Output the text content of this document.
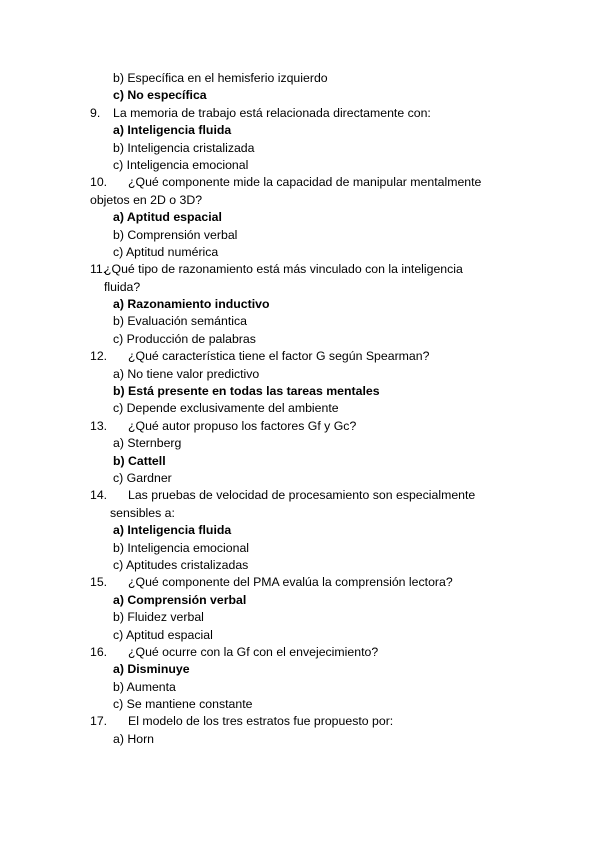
b) Específica en el hemisferio izquierdo
c) No específica
9.	La memoria de trabajo está relacionada directamente con:
a) Inteligencia fluida
b) Inteligencia cristalizada
c) Inteligencia emocional
10.	¿Qué componente mide la capacidad de manipular mentalmente
objetos en 2D o 3D?
a) Aptitud espacial
b) Comprensión verbal
c) Aptitud numérica
11.
¿Qué tipo de razonamiento está más vinculado con la inteligencia
fluida?
a) Razonamiento inductivo
b) Evaluación semántica
c) Producción de palabras
12.	¿Qué característica tiene el factor G según Spearman?
a) No tiene valor predictivo
b) Está presente en todas las tareas mentales
c) Depende exclusivamente del ambiente
13.	¿Qué autor propuso los factores Gf y Gc?
a) Sternberg
b) Cattell
c) Gardner
14.	Las pruebas de velocidad de procesamiento son especialmente
sensibles a:
a) Inteligencia fluida
b) Inteligencia emocional
c) Aptitudes cristalizadas
15.	¿Qué componente del PMA evalúa la comprensión lectora?
a) Comprensión verbal
b) Fluidez verbal
c) Aptitud espacial
16.	¿Qué ocurre con la Gf con el envejecimiento?
a) Disminuye
b) Aumenta
c) Se mantiene constante
17.	El modelo de los tres estratos fue propuesto por:
a) Horn
